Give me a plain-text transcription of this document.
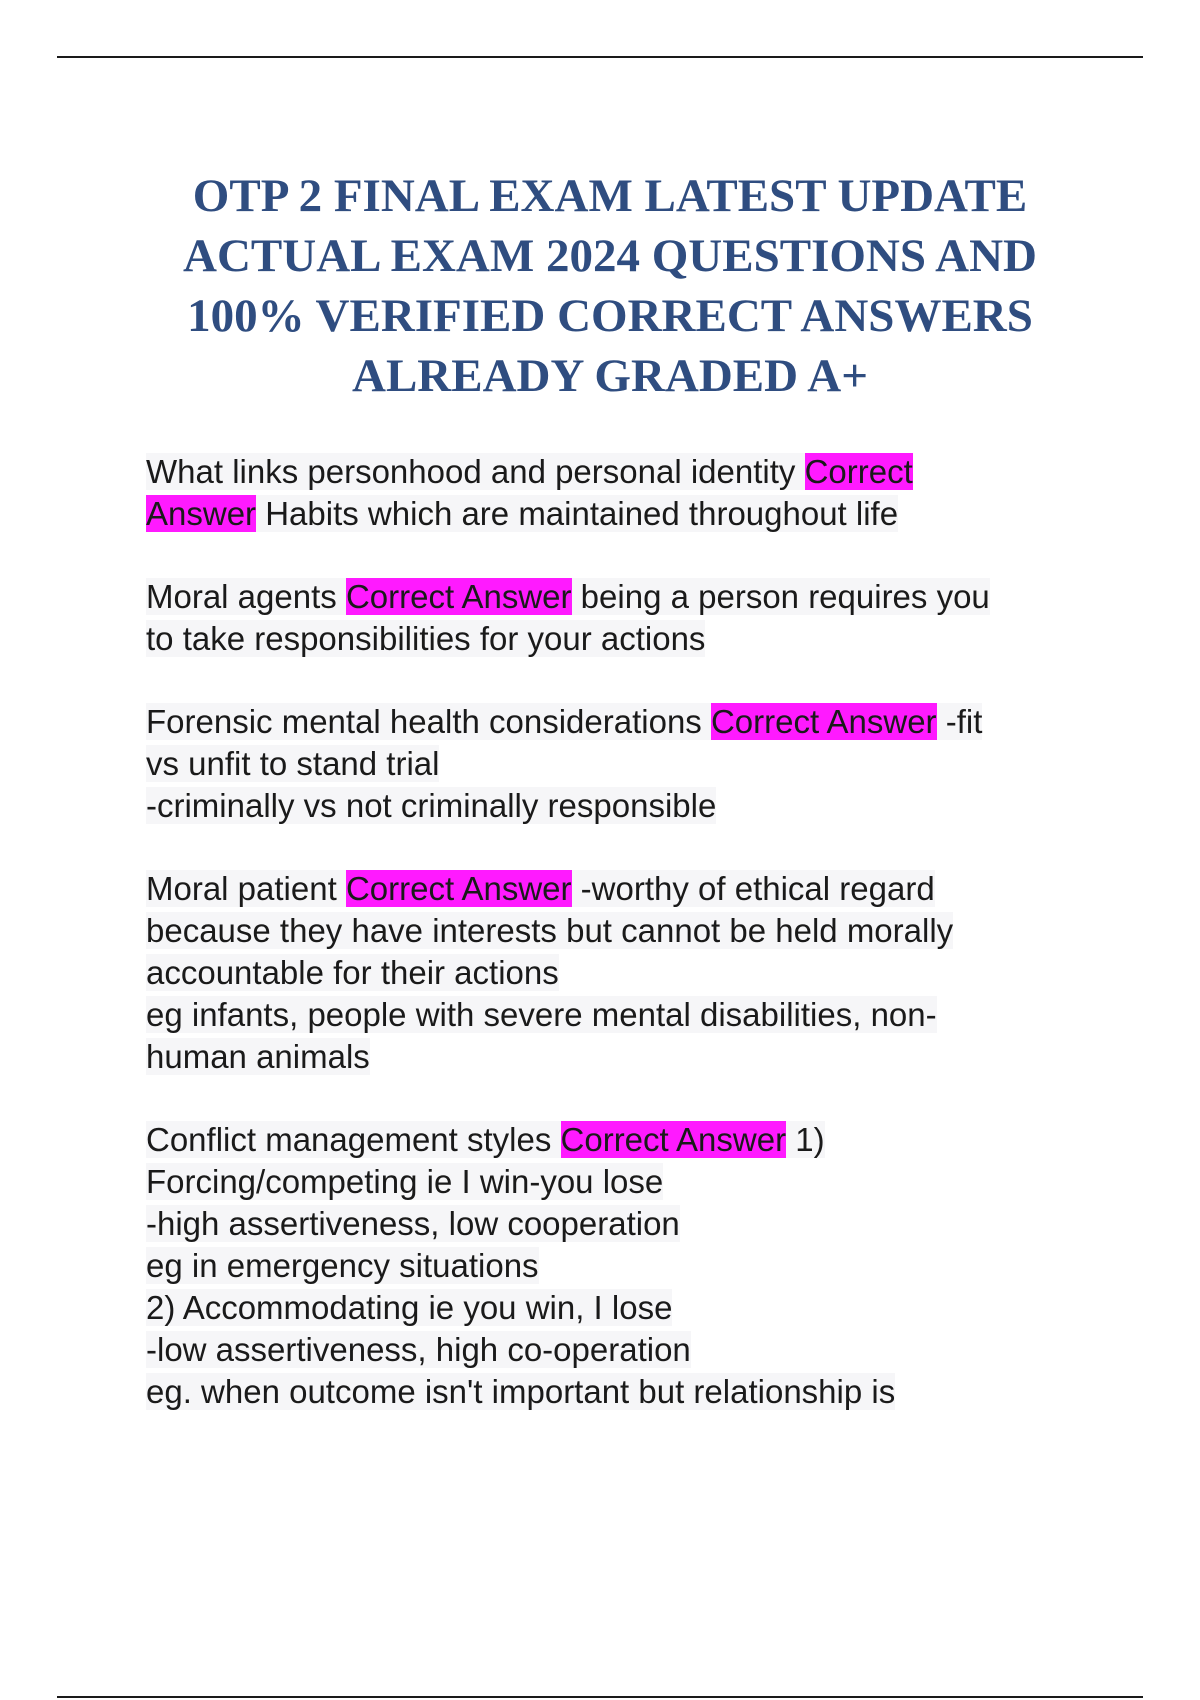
OTP 2 FINAL EXAM LATEST UPDATE
ACTUAL EXAM 2024 QUESTIONS AND
100% VERIFIED CORRECT ANSWERS
ALREADY GRADED A+
What links personhood and personal identity Correct
Answer Habits which are maintained throughout life
Moral agents Correct Answer being a person requires you
to take responsibilities for your actions
Forensic mental health considerations Correct Answer -fit
vs unfit to stand trial
-criminally vs not criminally responsible
Moral patient Correct Answer -worthy of ethical regard
because they have interests but cannot be held morally
accountable for their actions
eg infants, people with severe mental disabilities, non-
human animals
Conflict management styles Correct Answer 1)
Forcing/competing ie I win-you lose
-high assertiveness, low cooperation
eg in emergency situations
2) Accommodating ie you win, I lose
-low assertiveness, high co-operation
eg. when outcome isn't important but relationship is
